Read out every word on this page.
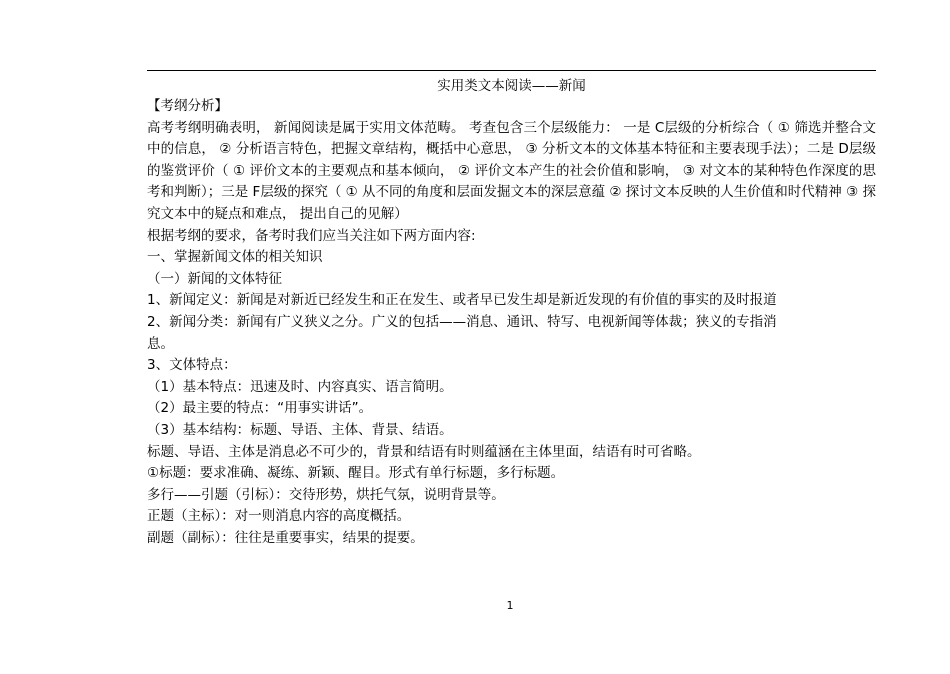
实用类文本阅读——新闻
【考纲分析】
高考考纲明确表明， 新闻阅读是属于实用文体范畴。 考查包含三个层级能力： 一是 C层级的分析综合（ ① 筛选并整合文中的信息， ② 分析语言特色，把握文章结构，概括中心意思， ③ 分析文本的文体基本特征和主要表现手法）；二是 D层级的鉴赏评价（ ① 评价文本的主要观点和基本倾向， ② 评价文本产生的社会价值和影响， ③ 对文本的某种特色作深度的思考和判断）；三是 F层级的探究（ ① 从不同的角度和层面发掘文本的深层意蕴 ② 探讨文本反映的人生价值和时代精神 ③ 探究文本中的疑点和难点， 提出自己的见解）
根据考纲的要求，备考时我们应当关注如下两方面内容:
一、掌握新闻文体的相关知识
（一）新闻的文体特征
1、新闻定义：新闻是对新近已经发生和正在发生、或者早已发生却是新近发现的有价值的事实的及时报道
2、新闻分类：新闻有广义狭义之分。广义的包括——消息、通讯、特写、电视新闻等体裁；狭义的专指消
息。
3、文体特点：
（1）基本特点：迅速及时、内容真实、语言简明。
（2）最主要的特点：“用事实讲话”。
（3）基本结构：标题、导语、主体、背景、结语。
标题、导语、主体是消息必不可少的，背景和结语有时则蕴涵在主体里面，结语有时可省略。
①标题：要求准确、凝练、新颖、醒目。形式有单行标题，多行标题。
多行——引题（引标）：交待形势，烘托气氛，说明背景等。
正题（主标）：对一则消息内容的高度概括。
副题（副标）：往往是重要事实，结果的提要。
1
